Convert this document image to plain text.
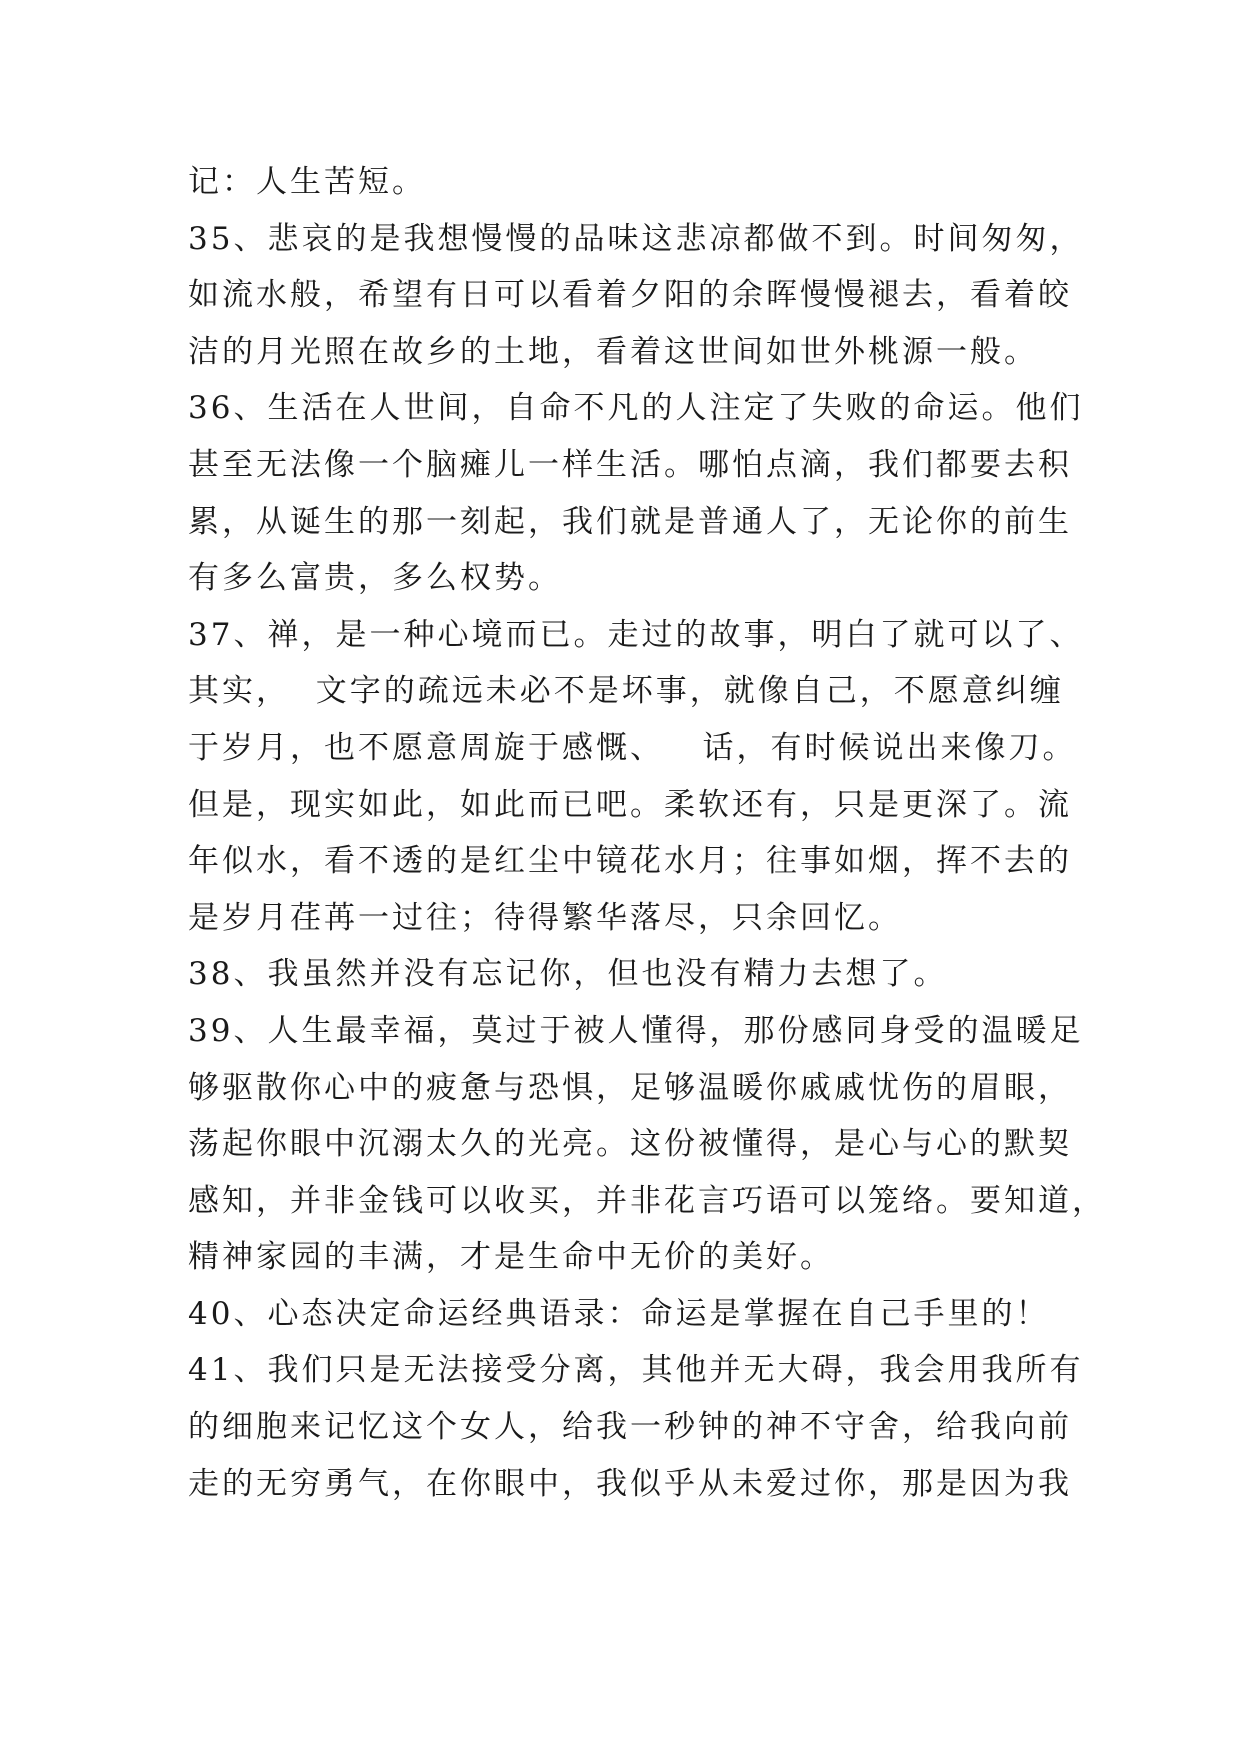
记：人生苦短。
35、悲哀的是我想慢慢的品味这悲凉都做不到。时间匆匆，
如流水般，希望有日可以看着夕阳的余晖慢慢褪去，看着皎
洁的月光照在故乡的土地，看着这世间如世外桃源一般。
36、生活在人世间，自命不凡的人注定了失败的命运。他们
甚至无法像一个脑瘫儿一样生活。哪怕点滴，我们都要去积
累，从诞生的那一刻起，我们就是普通人了，无论你的前生
有多么富贵，多么权势。
37、禅，是一种心境而已。走过的故事，明白了就可以了、
其实，  文字的疏远未必不是坏事，就像自己，不愿意纠缠
于岁月，也不愿意周旋于感慨、   话，有时候说出来像刀。
但是，现实如此，如此而已吧。柔软还有，只是更深了。流
年似水，看不透的是红尘中镜花水月；往事如烟，挥不去的
是岁月荏苒一过往；待得繁华落尽，只余回忆。
38、我虽然并没有忘记你，但也没有精力去想了。
39、人生最幸福，莫过于被人懂得，那份感同身受的温暖足
够驱散你心中的疲惫与恐惧，足够温暖你戚戚忧伤的眉眼，
荡起你眼中沉溺太久的光亮。这份被懂得，是心与心的默契
感知，并非金钱可以收买，并非花言巧语可以笼络。要知道，
精神家园的丰满，才是生命中无价的美好。
40、心态决定命运经典语录：命运是掌握在自己手里的！
41、我们只是无法接受分离，其他并无大碍，我会用我所有
的细胞来记忆这个女人，给我一秒钟的神不守舍，给我向前
走的无穷勇气，在你眼中，我似乎从未爱过你，那是因为我
